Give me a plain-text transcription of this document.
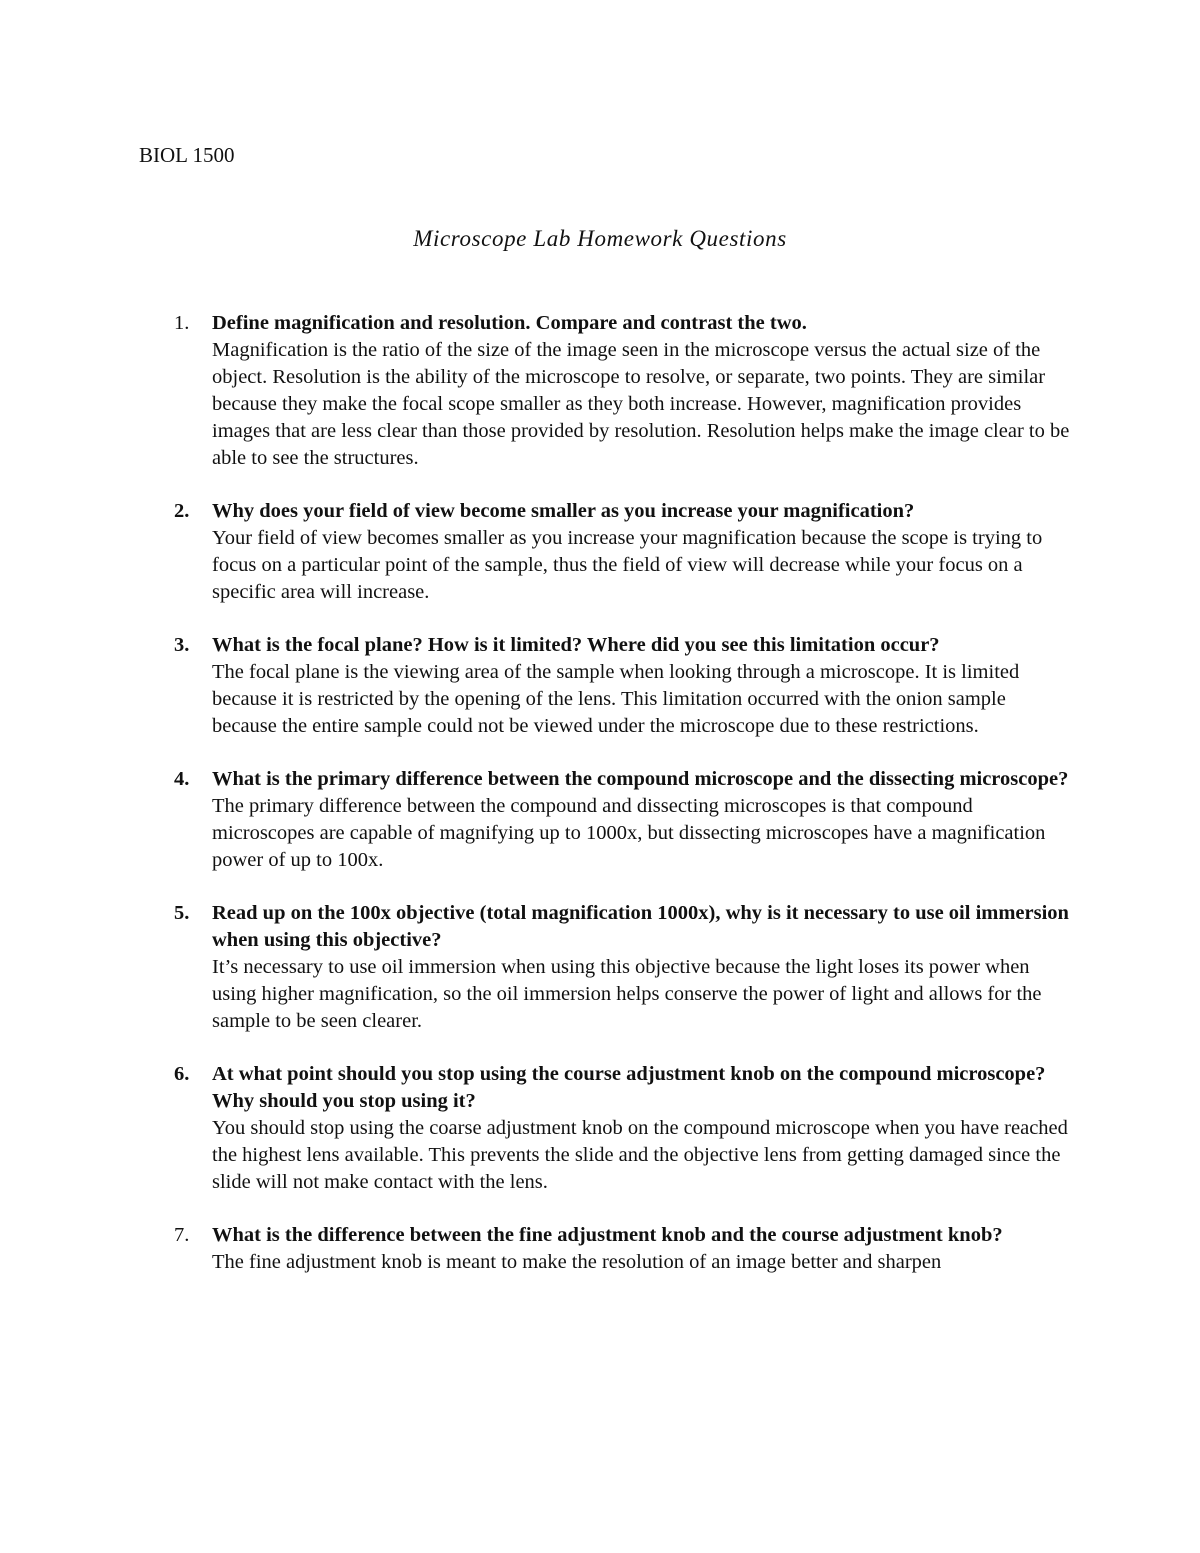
BIOL 1500
Microscope Lab Homework Questions
1.	Define magnification and resolution. Compare and contrast the two.
Magnification is the ratio of the size of the image seen in the microscope versus the actual size of the object. Resolution is the ability of the microscope to resolve, or separate, two points. They are similar because they make the focal scope smaller as they both increase. However, magnification provides images that are less clear than those provided by resolution. Resolution helps make the image clear to be able to see the structures.
2.	Why does your field of view become smaller as you increase your magnification?
Your field of view becomes smaller as you increase your magnification because the scope is trying to focus on a particular point of the sample, thus the field of view will decrease while your focus on a specific area will increase.
3.	What is the focal plane? How is it limited? Where did you see this limitation occur?
The focal plane is the viewing area of the sample when looking through a microscope. It is limited because it is restricted by the opening of the lens. This limitation occurred with the onion sample because the entire sample could not be viewed under the microscope due to these restrictions.
4.	What is the primary difference between the compound microscope and the dissecting microscope?
The primary difference between the compound and dissecting microscopes is that compound microscopes are capable of magnifying up to 1000x, but dissecting microscopes have a magnification power of up to 100x.
5.	Read up on the 100x objective (total magnification 1000x), why is it necessary to use oil immersion when using this objective?
It’s necessary to use oil immersion when using this objective because the light loses its power when using higher magnification, so the oil immersion helps conserve the power of light and allows for the sample to be seen clearer.
6.	At what point should you stop using the course adjustment knob on the compound microscope? Why should you stop using it?
You should stop using the coarse adjustment knob on the compound microscope when you have reached the highest lens available. This prevents the slide and the objective lens from getting damaged since the slide will not make contact with the lens.
7.	What is the difference between the fine adjustment knob and the course adjustment knob?
The fine adjustment knob is meant to make the resolution of an image better and sharpen
